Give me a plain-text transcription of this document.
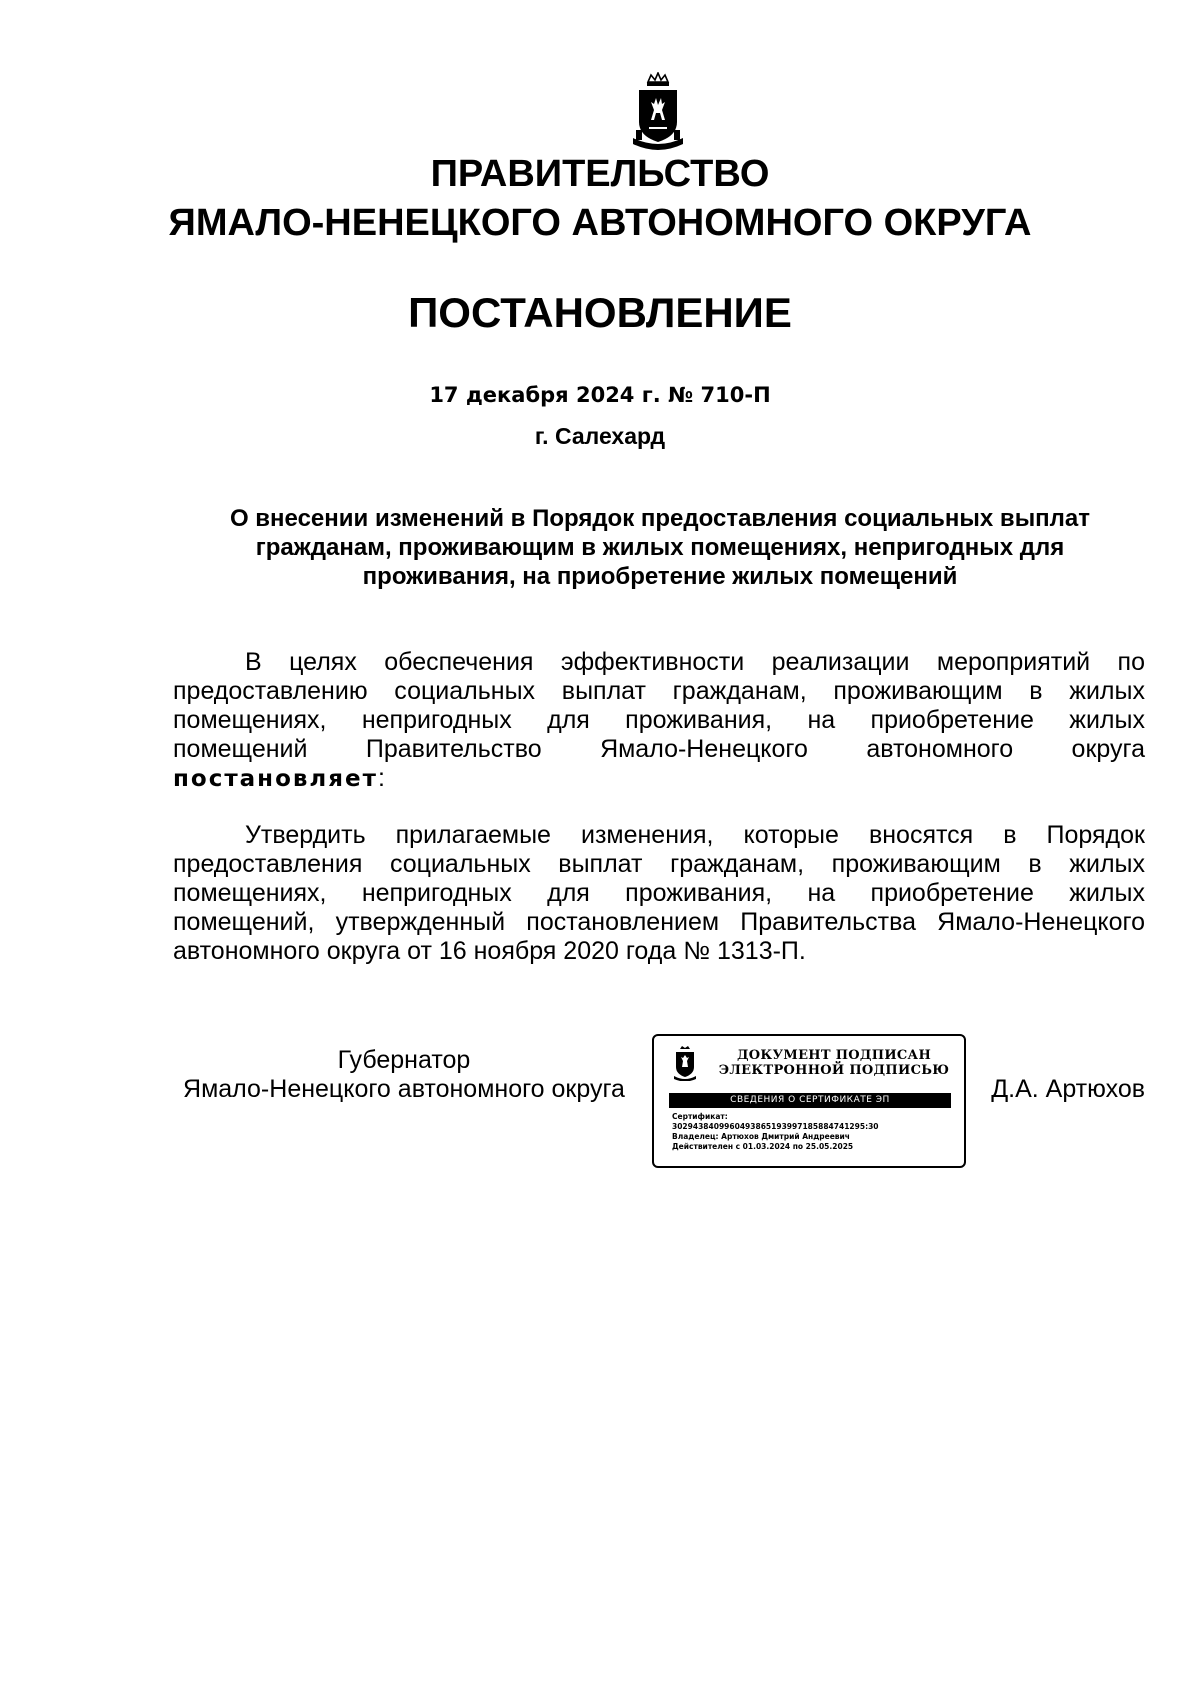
ПРАВИТЕЛЬСТВО
ЯМАЛО-НЕНЕЦКОГО АВТОНОМНОГО ОКРУГА
ПОСТАНОВЛЕНИЕ
17 декабря 2024 г. № 710-П
г. Салехард
О внесении изменений в Порядок предоставления социальных выплат
гражданам, проживающим в жилых помещениях, непригодных для
проживания, на приобретение жилых помещений
В целях обеспечения эффективности реализации мероприятий по
предоставлению социальных выплат гражданам, проживающим в жилых
помещениях, непригодных для проживания, на приобретение жилых
помещений Правительство Ямало-Ненецкого автономного округа
постановляет:
Утвердить прилагаемые изменения, которые вносятся в Порядок
предоставления социальных выплат гражданам, проживающим в жилых
помещениях, непригодных для проживания, на приобретение жилых
помещений, утвержденный постановлением Правительства Ямало-Ненецкого
автономного округа от 16 ноября 2020 года № 1313-П.
Губернатор
Ямало-Ненецкого автономного округа
ДОКУМЕНТ ПОДПИСАН
ЭЛЕКТРОННОЙ ПОДПИСЬЮ
СВЕДЕНИЯ О СЕРТИФИКАТЕ ЭП
Сертификат:
3029438409960493865193997185884741295:30
Владелец: Артюхов Дмитрий Андреевич
Действителен с 01.03.2024 по 25.05.2025
Д.А. Артюхов
